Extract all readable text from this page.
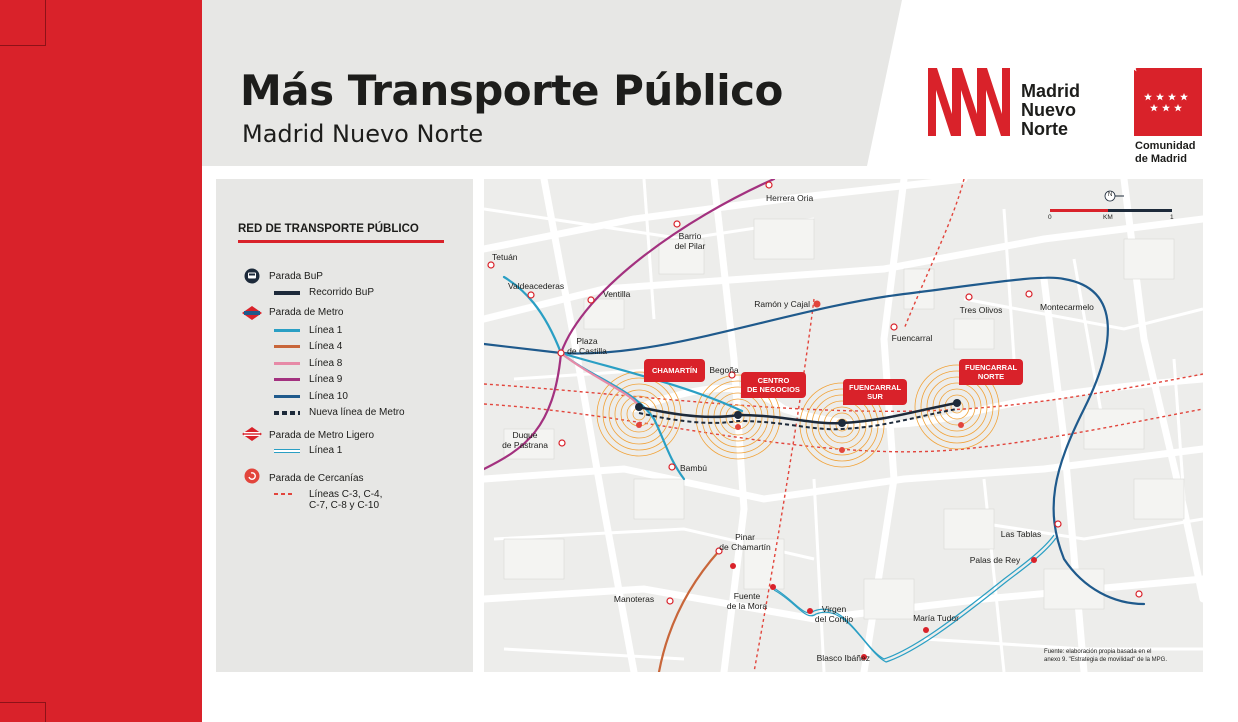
Más Transporte Público
Madrid Nuevo Norte
Madrid
Nuevo
Norte
Comunidad
de Madrid
RED DE TRANSPORTE PÚBLICO
Parada BuP
Recorrido BuP
Parada de Metro
Línea 1
Línea 4
Línea 8
Línea 9
Línea 10
Nueva línea de Metro
Parada de Metro Ligero
Línea 1
Parada de Cercanías
Líneas C-3, C-4,
C-7, C-8 y C-10
Herrera Oria
Barrio
del Pilar
Tetuán
Valdeacederas
Ventilla
Ramón y Cajal
Tres Olivos	Montecarmelo
Fuencarral
Plaza
de Castilla
Begoña
Duque
de Pastrana
Bambú
Pinar
de Chamartín
Manoteras	Fuente
de la Mora	Virgen
del Cortijo
Las Tablas
Palas de Rey
María Tudor
Blasco Ibáñez
CHAMARTÍN
CENTRO
DE NEGOCIOS	FUENCARRAL
SUR
FUENCARRAL
NORTE
0	KM	1
N
Fuente: elaboración propia basada en el
anexo 9. "Estrategia de movilidad" de la MPG.
